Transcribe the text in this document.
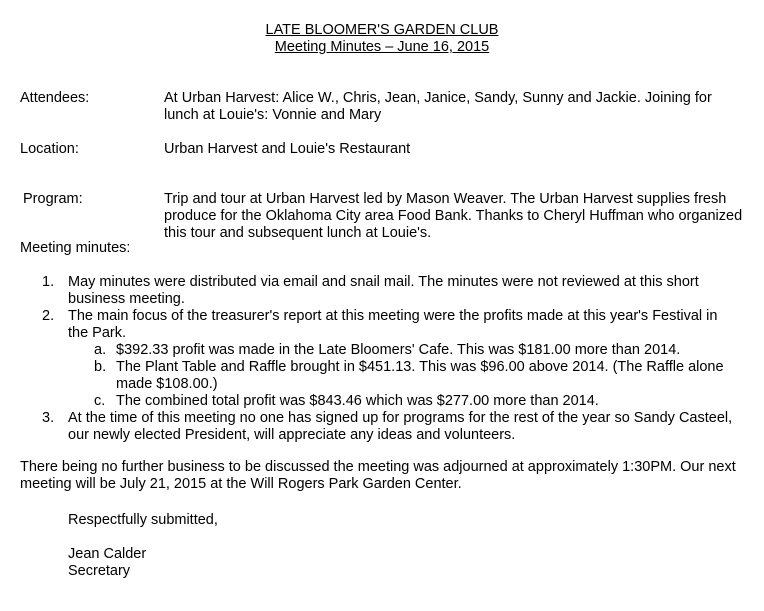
LATE BLOOMER'S GARDEN CLUB
Meeting Minutes – June 16, 2015
Attendees:	At Urban Harvest: Alice W., Chris, Jean, Janice, Sandy, Sunny and Jackie. Joining for lunch at Louie's: Vonnie and Mary
Location:	Urban Harvest and Louie's Restaurant
Program:	Trip and tour at Urban Harvest led by Mason Weaver. The Urban Harvest supplies fresh produce for the Oklahoma City area Food Bank. Thanks to Cheryl Huffman who organized this tour and subsequent lunch at Louie's.
Meeting minutes:
1. May minutes were distributed via email and snail mail. The minutes were not reviewed at this short business meeting.
2. The main focus of the treasurer's report at this meeting were the profits made at this year's Festival in the Park.
a. $392.33 profit was made in the Late Bloomers' Cafe. This was $181.00 more than 2014.
b. The Plant Table and Raffle brought in $451.13. This was $96.00 above 2014. (The Raffle alone made $108.00.)
c. The combined total profit was $843.46 which was $277.00 more than 2014.
3. At the time of this meeting no one has signed up for programs for the rest of the year so Sandy Casteel, our newly elected President, will appreciate any ideas and volunteers.
There being no further business to be discussed the meeting was adjourned at approximately 1:30PM. Our next meeting will be July 21, 2015 at the Will Rogers Park Garden Center.
Respectfully submitted,
Jean Calder
Secretary
